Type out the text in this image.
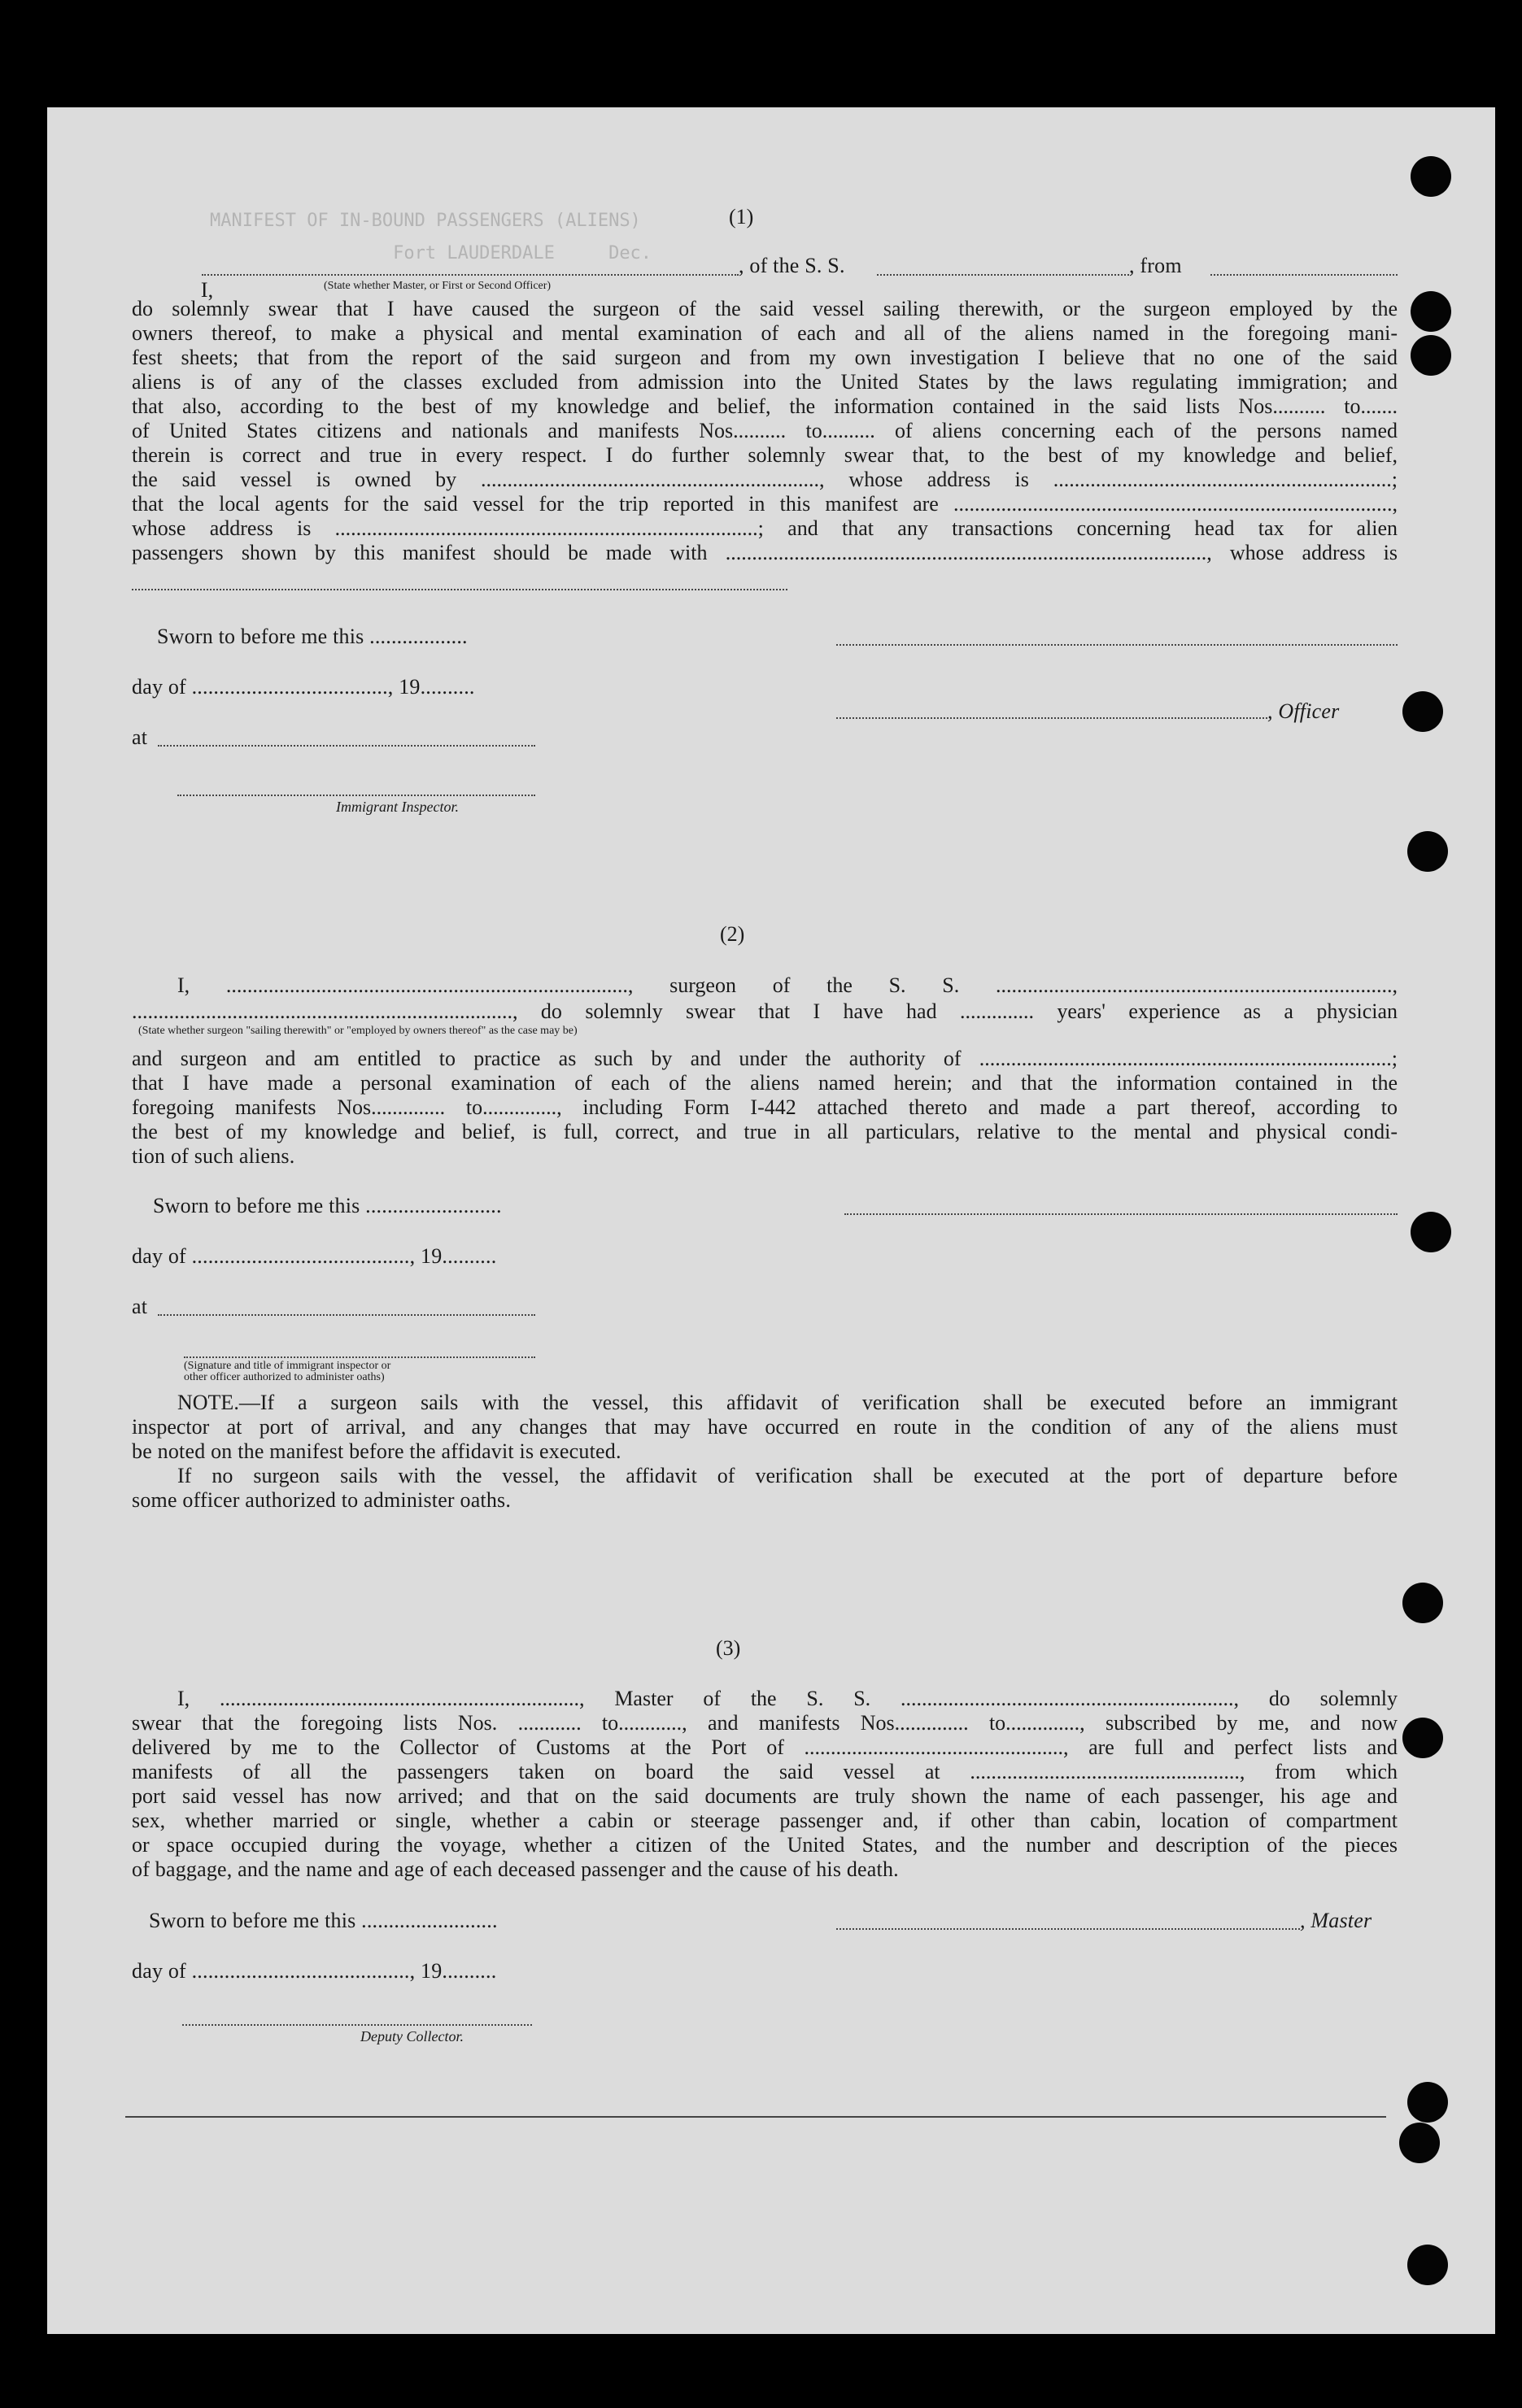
MANIFEST OF IN-BOUND PASSENGERS (ALIENS)
Fort LAUDERDALE     Dec.
(1)

I,

, of the S. S.	, from
(State whether Master, or First or Second Officer)
do solemnly swear that I have caused the surgeon of the said vessel sailing therewith, or the surgeon employed by the
owners thereof, to make a physical and mental examination of each and all of the aliens named in the foregoing mani-
fest sheets; that from the report of the said surgeon and from my own investigation I believe that no one of the said
aliens is of any of the classes excluded from admission into the United States by the laws regulating immigration; and
that also, according to the best of my knowledge and belief, the information contained in the said lists Nos.......... to.......
of United States citizens and nationals and manifests Nos.......... to.......... of aliens concerning each of the persons named
therein is correct and true in every respect. I do further solemnly swear that, to the best of my knowledge and belief,
the said vessel is owned by ................................................................, whose address is ................................................................;
that the local agents for the said vessel for the trip reported in this manifest are ...................................................................................,
whose address is ................................................................................; and that any transactions concerning head tax for alien
passengers shown by this manifest should be made with ..........................................................................................., whose address is
Sworn to before me this ..................
day of ...................................., 19..........
, Officer
at
Immigrant Inspector.
(2)
I, ............................................................................, surgeon of the S. S. ...........................................................................,
........................................................................, do solemnly swear that I have had .............. years' experience as a physician
(State whether surgeon "sailing therewith" or "employed by owners thereof" as the case may be)
and surgeon and am entitled to practice as such by and under the authority of ..............................................................................;
that I have made a personal examination of each of the aliens named herein; and that the information contained in the
foregoing manifests Nos.............. to.............., including Form I-442 attached thereto and made a part thereof, according to
the best of my knowledge and belief, is full, correct, and true in all particulars, relative to the mental and physical condi-
tion of such aliens.
Sworn to before me this .........................
day of ........................................, 19..........
at
(Signature and title of immigrant inspector or
other officer authorized to administer oaths)
NOTE.—If a surgeon sails with the vessel, this affidavit of verification shall be executed before an immigrant
inspector at port of arrival, and any changes that may have occurred en route in the condition of any of the aliens must
be noted on the manifest before the affidavit is executed.
If no surgeon sails with the vessel, the affidavit of verification shall be executed at the port of departure before
some officer authorized to administer oaths.
(3)
I, ...................................................................., Master of the S. S. ..............................................................., do solemnly
swear that the foregoing lists Nos. ............ to............, and manifests Nos.............. to.............., subscribed by me, and now
delivered by me to the Collector of Customs at the Port of ................................................., are full and perfect lists and
manifests of all the passengers taken on board the said vessel at ..................................................., from which
port said vessel has now arrived; and that on the said documents are truly shown the name of each passenger, his age and
sex, whether married or single, whether a cabin or steerage passenger and, if other than cabin, location of compartment
or space occupied during the voyage, whether a citizen of the United States, and the number and description of the pieces
of baggage, and the name and age of each deceased passenger and the cause of his death.
Sworn to before me this .........................	, Master
day of ........................................, 19..........
Deputy Collector.
